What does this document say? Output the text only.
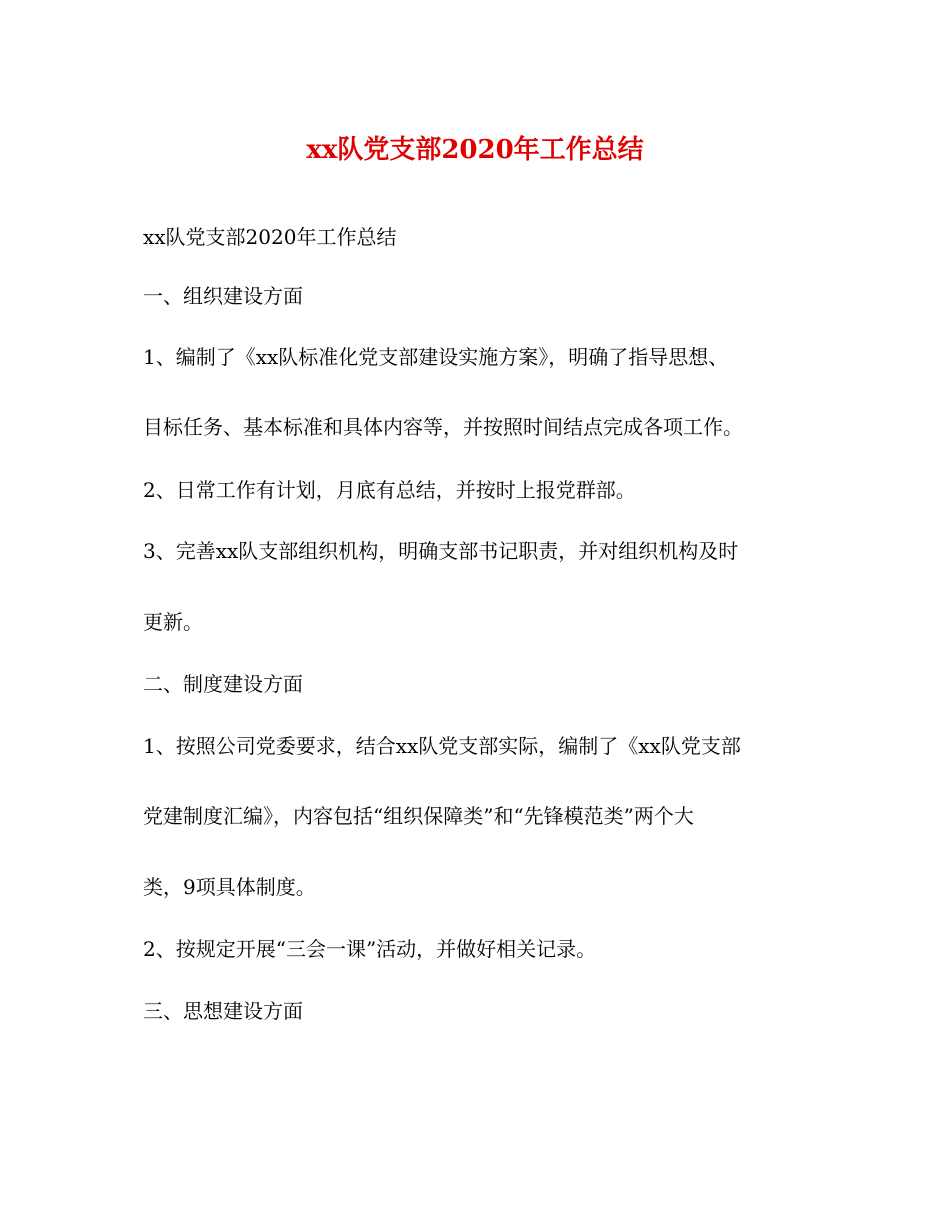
xx队党支部2020年工作总结
xx队党支部2020年工作总结
一、组织建设方面
1、编制了《xx队标准化党支部建设实施方案》，明确了指导思想、
目标任务、基本标准和具体内容等，并按照时间结点完成各项工作。
2、日常工作有计划，月底有总结，并按时上报党群部。
3、完善xx队支部组织机构，明确支部书记职责，并对组织机构及时
更新。
二、制度建设方面
1、按照公司党委要求，结合xx队党支部实际，编制了《xx队党支部
党建制度汇编》，内容包括“组织保障类”和“先锋模范类”两个大
类，9项具体制度。
2、按规定开展“三会一课”活动，并做好相关记录。
三、思想建设方面
